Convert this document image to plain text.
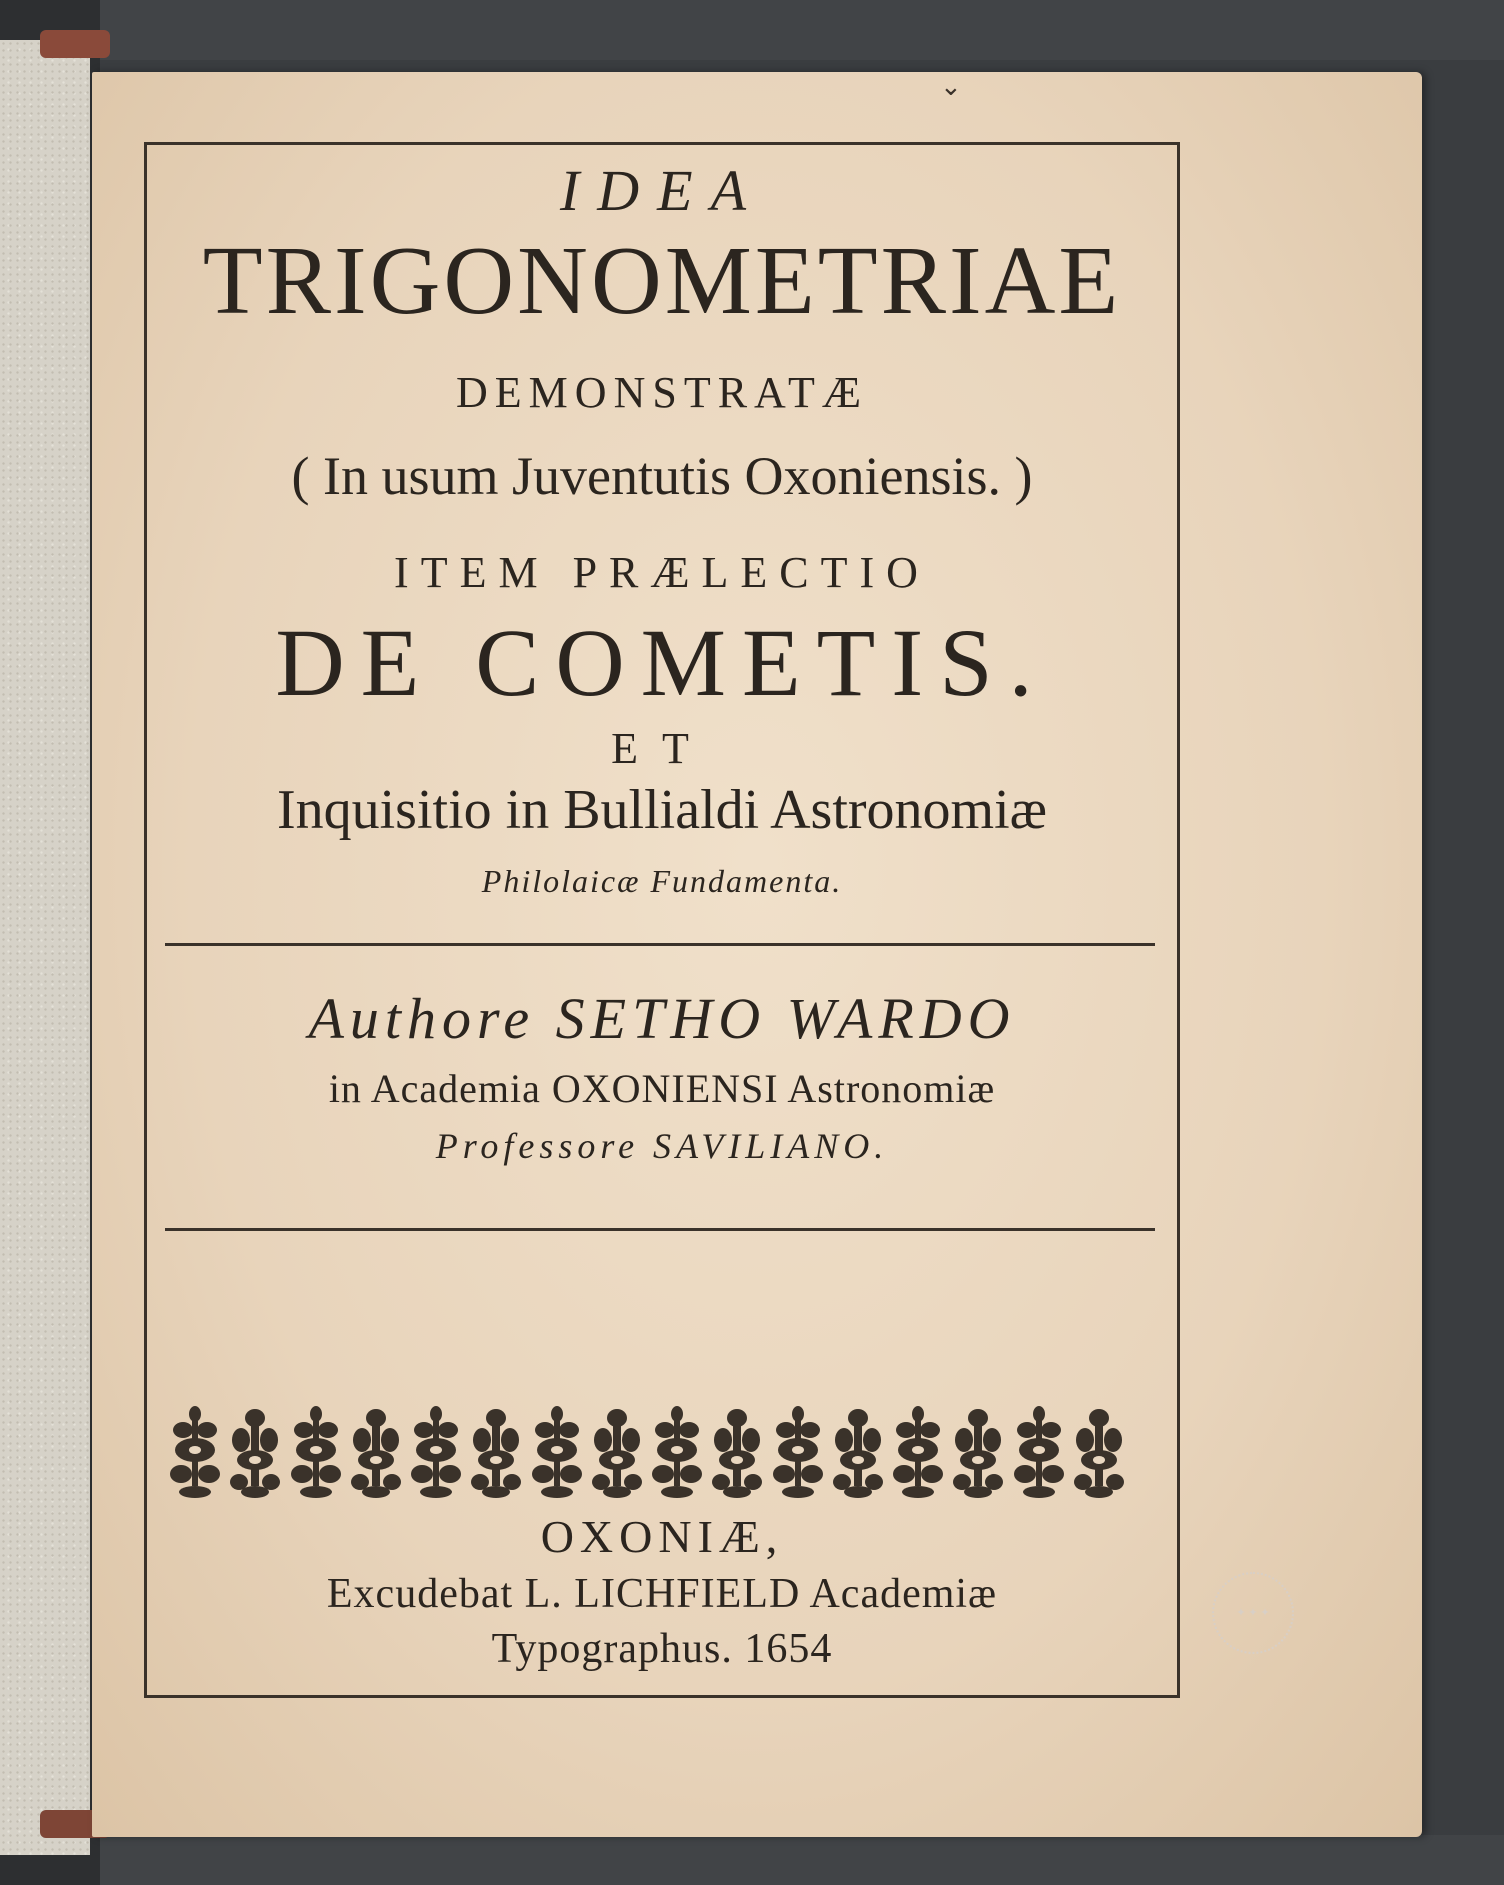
⌄
IDEA
TRIGONOMETRIAE
DEMONSTRATÆ
( In usum Juventutis Oxoniensis. )
ITEM PRÆLECTIO
DE COMETIS.
ET
Inquisitio in Bullialdi Astronomiæ
Philolaicæ Fundamenta.
Authore SETHO WARDO
in Academia OXONIENSI Astronomiæ
Professore SAVILIANO.
OXONIÆ,
Excudebat L. LICHFIELD Academiæ
Typographus. 1654
✦ ✦ ✦
